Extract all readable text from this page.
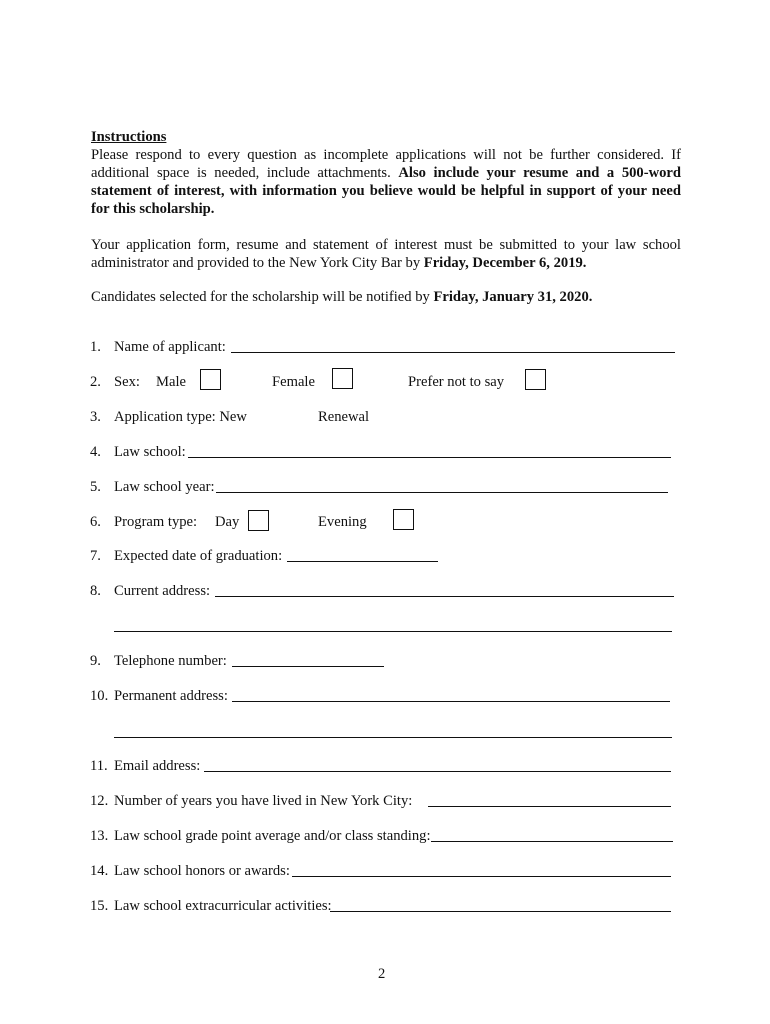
Instructions

Please respond to every question as incomplete applications will not be further considered. If additional space is needed, include attachments. Also include your resume and a 500-word statement of interest, with information you believe would be helpful in support of your need for this scholarship.

Your application form, resume and statement of interest must be submitted to your law school administrator and provided to the New York City Bar by Friday, December 6, 2019.

Candidates selected for the scholarship will be notified by Friday, January 31, 2020.

1. Name of applicant:
2. Sex: Male	Female	Prefer not to say
3. Application type: New	Renewal
4. Law school:
5. Law school year:
6. Program type: Day	Evening
7. Expected date of graduation:
8. Current address:
9. Telephone number:
10. Permanent address:
11. Email address:
12. Number of years you have lived in New York City:
13. Law school grade point average and/or class standing:
14. Law school honors or awards:
15. Law school extracurricular activities:
2
